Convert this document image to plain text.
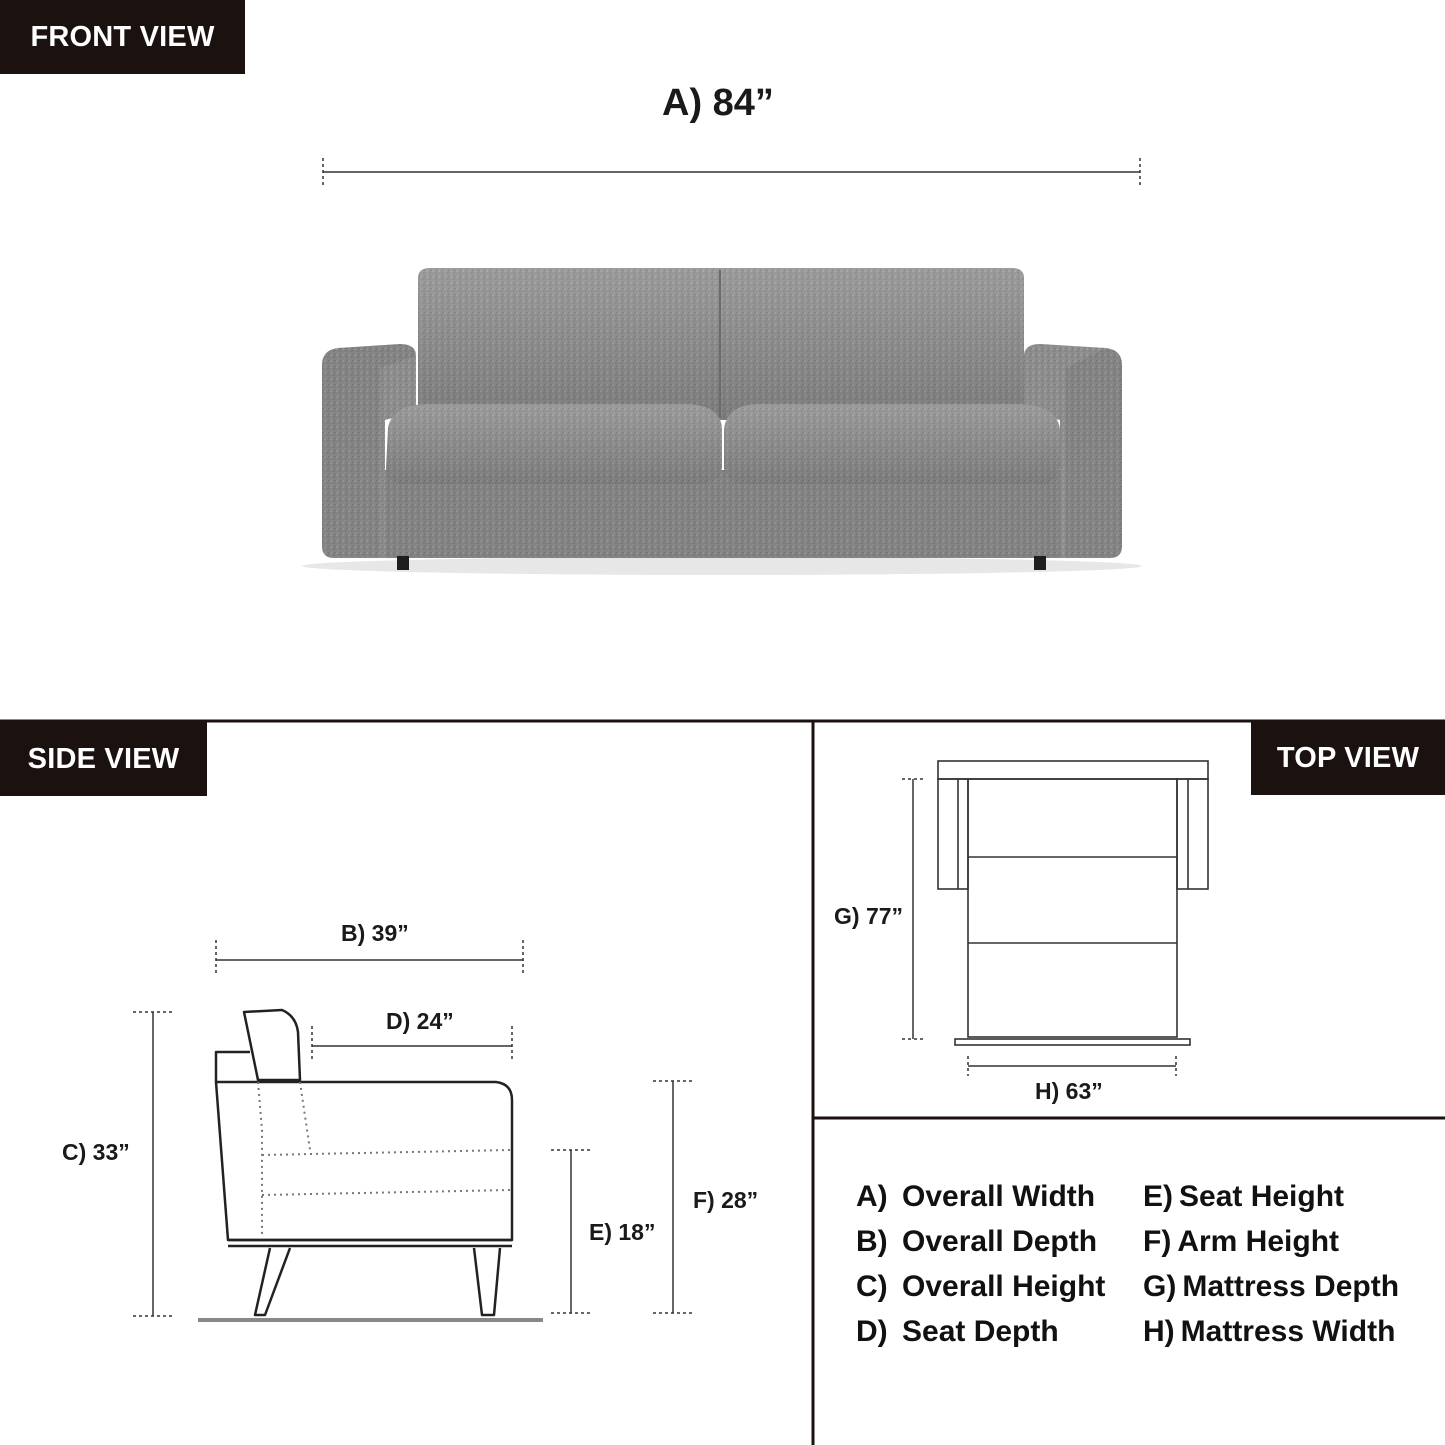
FRONT VIEW
SIDE VIEW	TOP VIEW
A) 84”
B) 39”
D) 24”
C) 33”
E) 18”
F) 28”
G) 77”
H) 63”
A) Overall Width
B) Overall Depth
C) Overall Height
D) Seat Depth
E) Seat Height
F) Arm Height
G) Mattress Depth
H) Mattress Width
